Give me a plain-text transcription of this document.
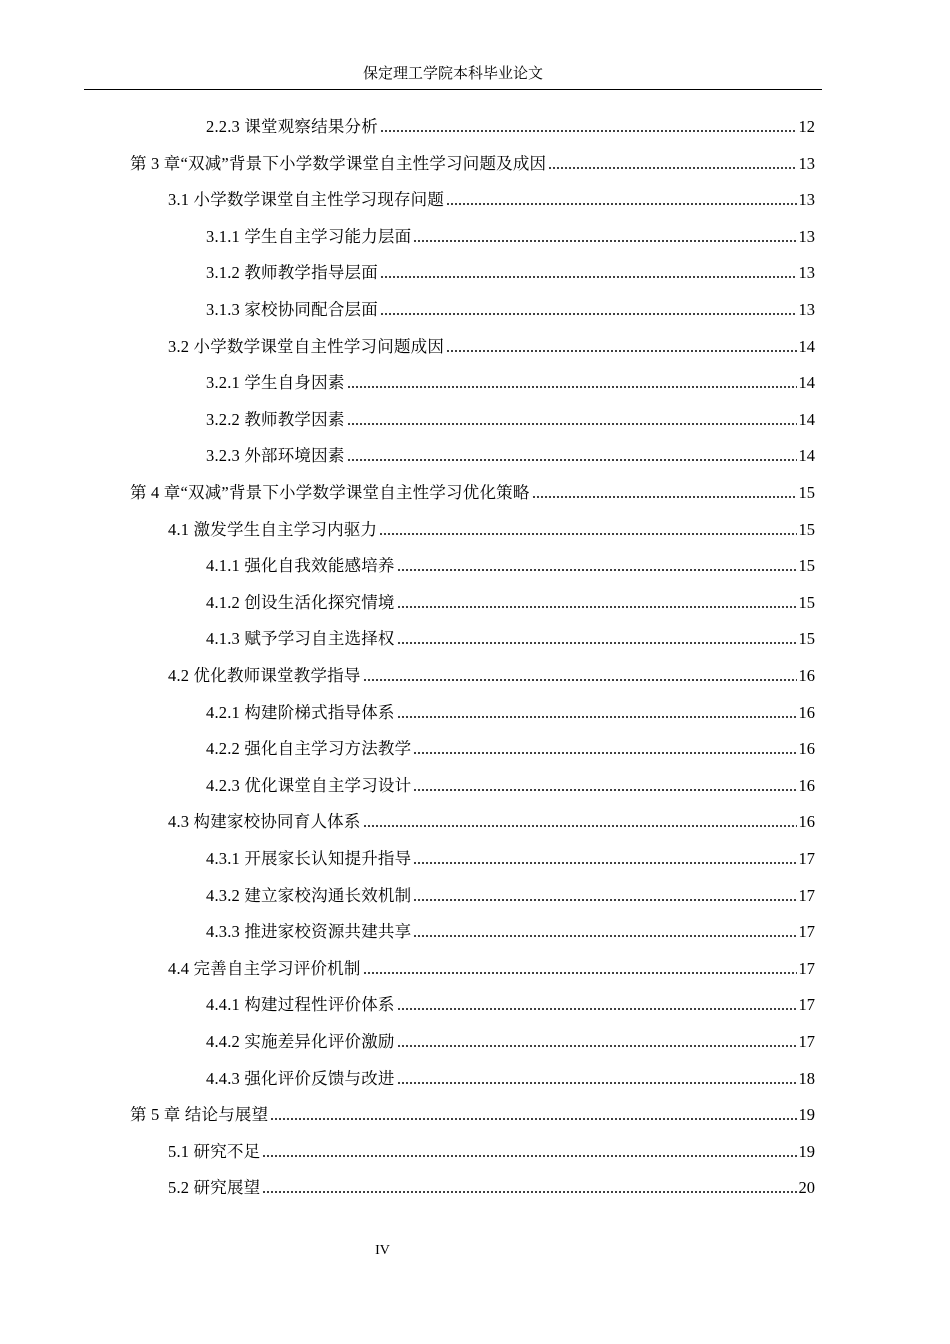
保定理工学院本科毕业论文
2.2.3 课堂观察结果分析	12
第 3 章“双减”背景下小学数学课堂自主性学习问题及成因	13
3.1 小学数学课堂自主性学习现存问题	13
3.1.1 学生自主学习能力层面	13
3.1.2 教师教学指导层面	13
3.1.3 家校协同配合层面	13
3.2 小学数学课堂自主性学习问题成因	14
3.2.1 学生自身因素	14
3.2.2 教师教学因素	14
3.2.3 外部环境因素	14
第 4 章“双减”背景下小学数学课堂自主性学习优化策略	15
4.1 激发学生自主学习内驱力	15
4.1.1 强化自我效能感培养	15
4.1.2 创设生活化探究情境	15
4.1.3 赋予学习自主选择权	15
4.2 优化教师课堂教学指导	16
4.2.1 构建阶梯式指导体系	16
4.2.2 强化自主学习方法教学	16
4.2.3 优化课堂自主学习设计	16
4.3 构建家校协同育人体系	16
4.3.1 开展家长认知提升指导	17
4.3.2 建立家校沟通长效机制	17
4.3.3 推进家校资源共建共享	17
4.4 完善自主学习评价机制	17
4.4.1 构建过程性评价体系	17
4.4.2 实施差异化评价激励	17
4.4.3 强化评价反馈与改进	18
第 5 章 结论与展望	19
5.1 研究不足	19
5.2 研究展望	20
IV
